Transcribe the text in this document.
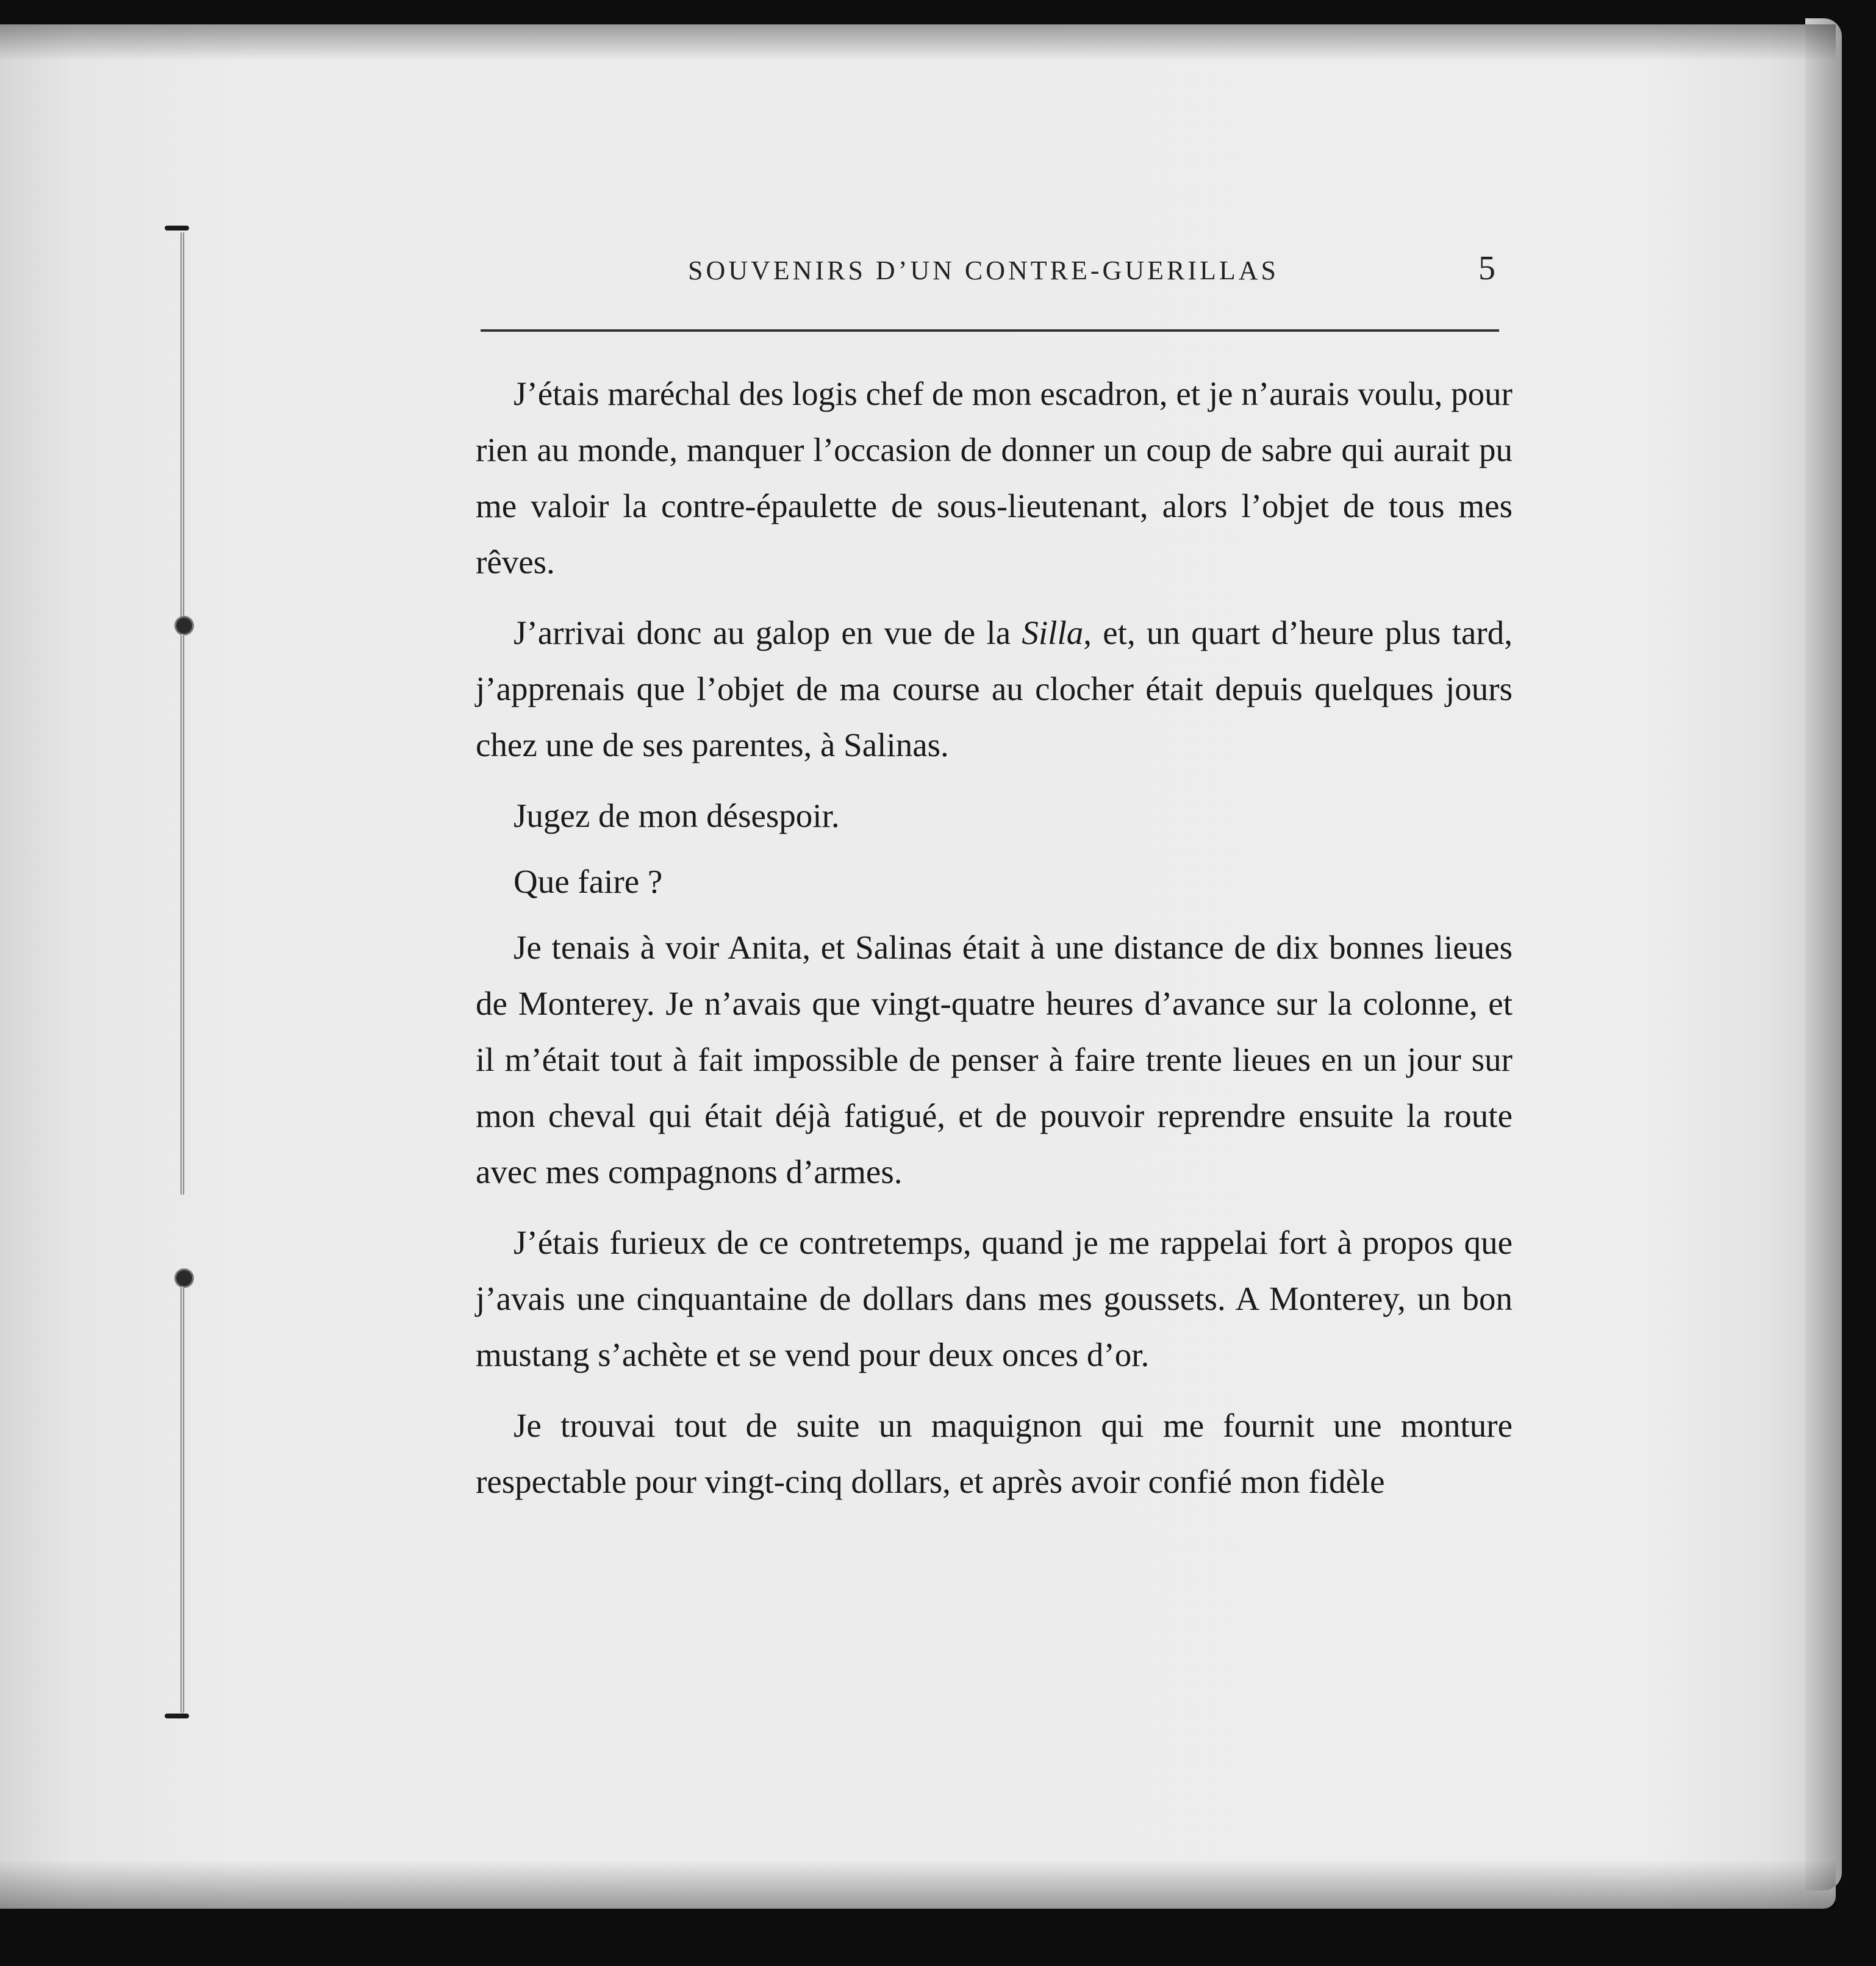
SOUVENIRS D’UN CONTRE-GUERILLAS	5

J’étais maréchal des logis chef de mon escadron, et je n’aurais voulu, pour rien au monde, manquer l’occasion de donner un coup de sabre qui aurait pu me valoir la contre-épaulette de sous-lieutenant, alors l’objet de tous mes rêves.

J’arrivai donc au galop en vue de la Silla, et, un quart d’heure plus tard, j’apprenais que l’objet de ma course au clocher était depuis quelques jours chez une de ses parentes, à Salinas.

Jugez de mon désespoir.

Que faire ?

Je tenais à voir Anita, et Salinas était à une distance de dix bonnes lieues de Monterey. Je n’avais que vingt-quatre heures d’avance sur la colonne, et il m’était tout à fait impossible de penser à faire trente lieues en un jour sur mon cheval qui était déjà fatigué, et de pouvoir reprendre ensuite la route avec mes compagnons d’armes.

J’étais furieux de ce contretemps, quand je me rappelai fort à propos que j’avais une cinquantaine de dollars dans mes goussets. A Monterey, un bon mustang s’achète et se vend pour deux onces d’or.

Je trouvai tout de suite un maquignon qui me fournit une monture respectable pour vingt-cinq dollars, et après avoir confié mon fidèle
